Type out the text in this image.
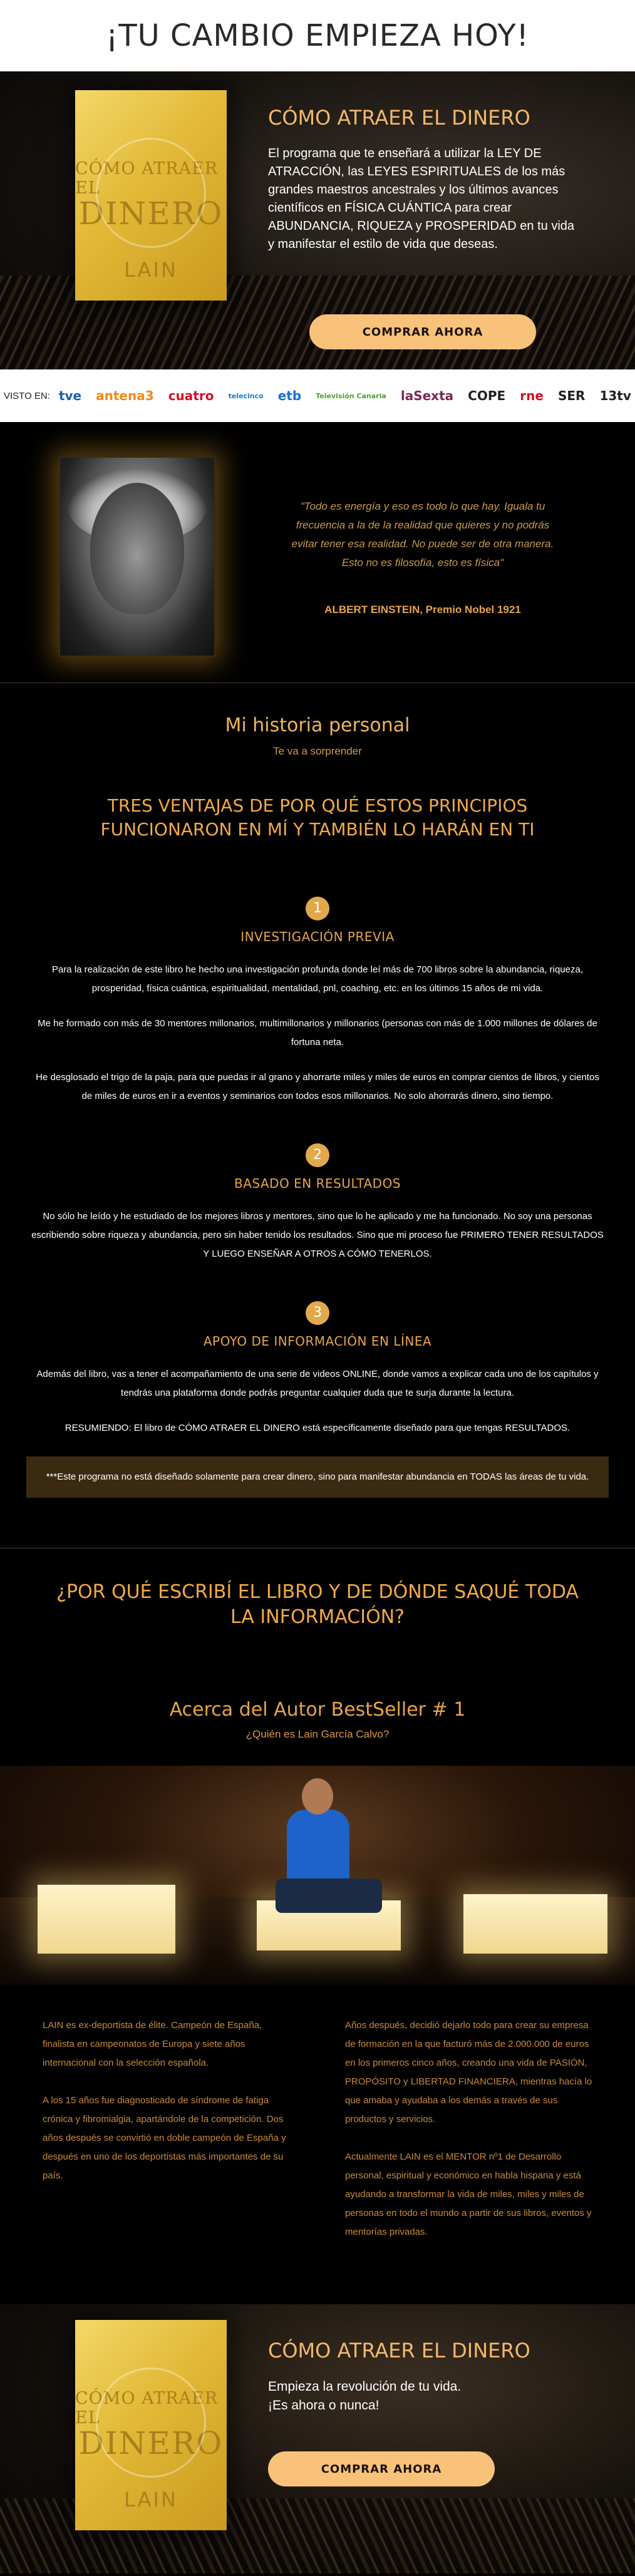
¡TU CAMBIO EMPIEZA HOY!
CÓMO ATRAER EL
DINERO
LAIN
CÓMO ATRAER EL DINERO

El programa que te enseñará a utilizar la LEY DE ATRACCIÓN, las LEYES ESPIRITUALES de los más grandes maestros ancestrales y los últimos avances científicos en FÍSICA CUÁNTICA para crear ABUNDANCIA, RIQUEZA y PROSPERIDAD en tu vida y manifestar el estilo de vida que deseas.

COMPRAR AHORA
VISTO EN: tve antena3 cuatro telecinco etb Televisión Canaria laSexta COPE rne SER 13tv

"Todo es energía y eso es todo lo que hay. Iguala tu frecuencia a la de la realidad que quieres y no podrás evitar tener esa realidad. No puede ser de otra manera. Esto no es filosofía, esto es física"

ALBERT EINSTEIN, Premio Nobel 1921

Mi historia personal

Te va a sorprender

TRES VENTAJAS DE POR QUÉ ESTOS PRINCIPIOS FUNCIONARON EN MÍ Y TAMBIÉN LO HARÁN EN TI
1
INVESTIGACIÓN PREVIA

Para la realización de este libro he hecho una investigación profunda donde leí más de 700 libros sobre la abundancia, riqueza, prosperidad, física cuántica, espiritualidad, mentalidad, pnl, coaching, etc. en los últimos 15 años de mi vida.

Me he formado con más de 30 mentores millonarios, multimillonarios y millonarios (personas con más de 1.000 millones de dólares de fortuna neta.

He desglosado el trigo de la paja, para que puedas ir al grano y ahorrarte miles y miles de euros en comprar cientos de libros, y cientos de miles de euros en ir a eventos y seminarios con todos esos millonarios. No solo ahorrarás dinero, sino tiempo.

2
BASADO EN RESULTADOS

No sólo he leído y he estudiado de los mejores libros y mentores, sino que lo he aplicado y me ha funcionado. No soy una personas escribiendo sobre riqueza y abundancia, pero sin haber tenido los resultados. Sino que mi proceso fue PRIMERO TENER RESULTADOS Y LUEGO ENSEÑAR A OTROS A CÓMO TENERLOS.

3
APOYO DE INFORMACIÓN EN LÍNEA

Además del libro, vas a tener el acompañamiento de una serie de videos ONLINE, donde vamos a explicar cada uno de los capítulos y tendrás una plataforma donde podrás preguntar cualquier duda que te surja durante la lectura.

RESUMIENDO: El libro de CÓMO ATRAER EL DINERO está específicamente diseñado para que tengas RESULTADOS.

***Este programa no está diseñado solamente para crear dinero, sino para manifestar abundancia en TODAS las áreas de tu vida.
¿POR QUÉ ESCRIBÍ EL LIBRO Y DE DÓNDE SAQUÉ TODA LA INFORMACIÓN?
Acerca del Autor BestSeller # 1

¿Quién es Lain García Calvo?

LAIN es ex-deportista de élite. Campeón de España, finalista en campeonatos de Europa y siete años internacional con la selección española.

A los 15 años fue diagnosticado de síndrome de fatiga crónica y fibromialgia, apartándole de la competición. Dos años después se convirtió en doble campeón de España y después en uno de los deportistas más importantes de su país.

Años después, decidió dejarlo todo para crear su empresa de formación en la que facturó más de 2.000.000 de euros en los primeros cinco años, creando una vida de PASIÓN, PROPÓSITO y LIBERTAD FINANCIERA, mientras hacía lo que amaba y ayudaba a los demás a través de sus productos y servicios.

Actualmente LAIN es el MENTOR nº1 de Desarrollo personal, espiritual y económico en habla hispana y está ayudando a transformar la vida de miles, miles y miles de personas en todo el mundo a partir de sus libros, eventos y mentorías privadas.

CÓMO ATRAER EL
DINERO
LAIN
CÓMO ATRAER EL DINERO

Empieza la revolución de tu vida.

¡Es ahora o nunca!

COMPRAR AHORA
